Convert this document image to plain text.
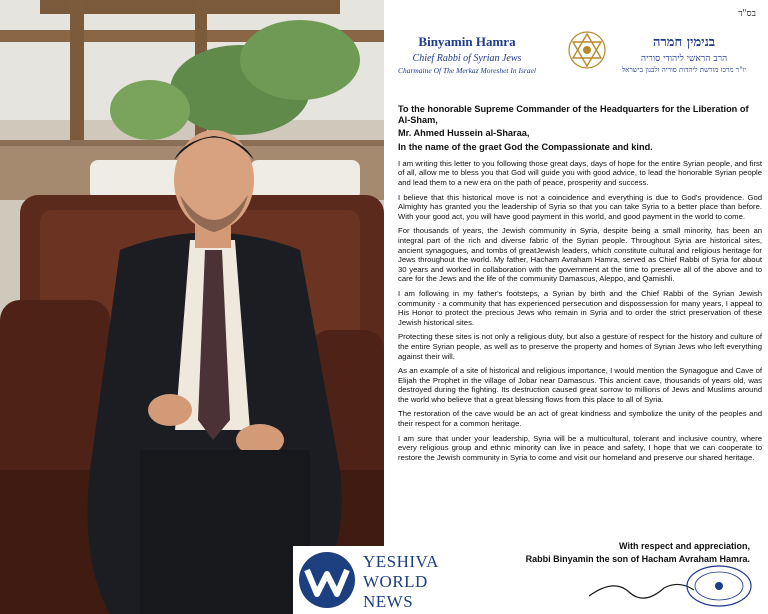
בס"ד
Binyamin Hamra
Chief Rabbi of Syrian Jews
Charmaine Of The Merkaz Moreshet In Israel
בנימין חמרה
הרב הראשי ליהודי סוריה
יו"ר מרכז מורשת ליהדות סוריה ולבנון בישראל

To the honorable Supreme Commander of the Headquarters for the Liberation of Al-Sham,

Mr. Ahmed Hussein al-Sharaa,

In the name of the graet God the Compassionate and kind.

I am writing this letter to you following those great days, days of hope for the entire Syrian people, and first of all, allow me to bless you that God will guide you with good advice, to lead the honorable Syrian people and lead them to a new era on the path of peace, prosperity and success.

I believe that this historical move is not a coincidence and everything is due to God's providence. God Almighty has granted you the leadership of Syria so that you can take Syria to a better place than before. With your good act, you will have good payment in this world, and good payment in the world to come.

For thousands of years, the Jewish community in Syria, despite being a small minority, has been an integral part of the rich and diverse fabric of the Syrian people. Throughout Syria are historical sites, ancient synagogues, and tombs of greatJewish leaders, which constitute cultural and religious heritage for Jews throughout the world. My father, Hacham Avraham Hamra, served as Chief Rabbi of Syria for about 30 years and worked in collaboration with the government at the time to preserve all of the above and to care for the Jews and the life of the community Damascus, Aleppo, and Qamishli.

I am following in my father's footsteps, a Syrian by birth and the Chief Rabbi of the Syrian Jewish community - a community that has experienced persecution and dispossession for many years, I appeal to His Honor to protect the precious Jews who remain in Syria and to order the strict preservation of these Jewish historical sites.

Protecting these sites is not only a religious duty, but also a gesture of respect for the history and culture of the entire Syrian people, as well as to preserve the property and homes of Syrian Jews who left everything against their will.

As an example of a site of historical and religious importance, I would mention the Synagogue and Cave of Elijah the Prophet in the village of Jobar near Damascus. This ancient cave, thousands of years old, was destroyed during the fighting. Its destruction caused great sorrow to millions of Jews and Muslims around the world who believe that a great blessing flows from this place to all of Syria.

The restoration of the cave would be an act of great kindness and symbolize the unity of the peoples and their respect for a common heritage.

I am sure that under your leadership, Syria will be a multicultural, tolerant and inclusive country, where every religious group and ethnic minority can live in peace and safety, I hope that we can cooperate to restore the Jewish community in Syria to come and visit our homeland and preserve our shared heritage.

With respect and appreciation,
Rabbi Binyamin the son of Hacham Avraham Hamra.
YESHIVA
WORLD
NEWS
